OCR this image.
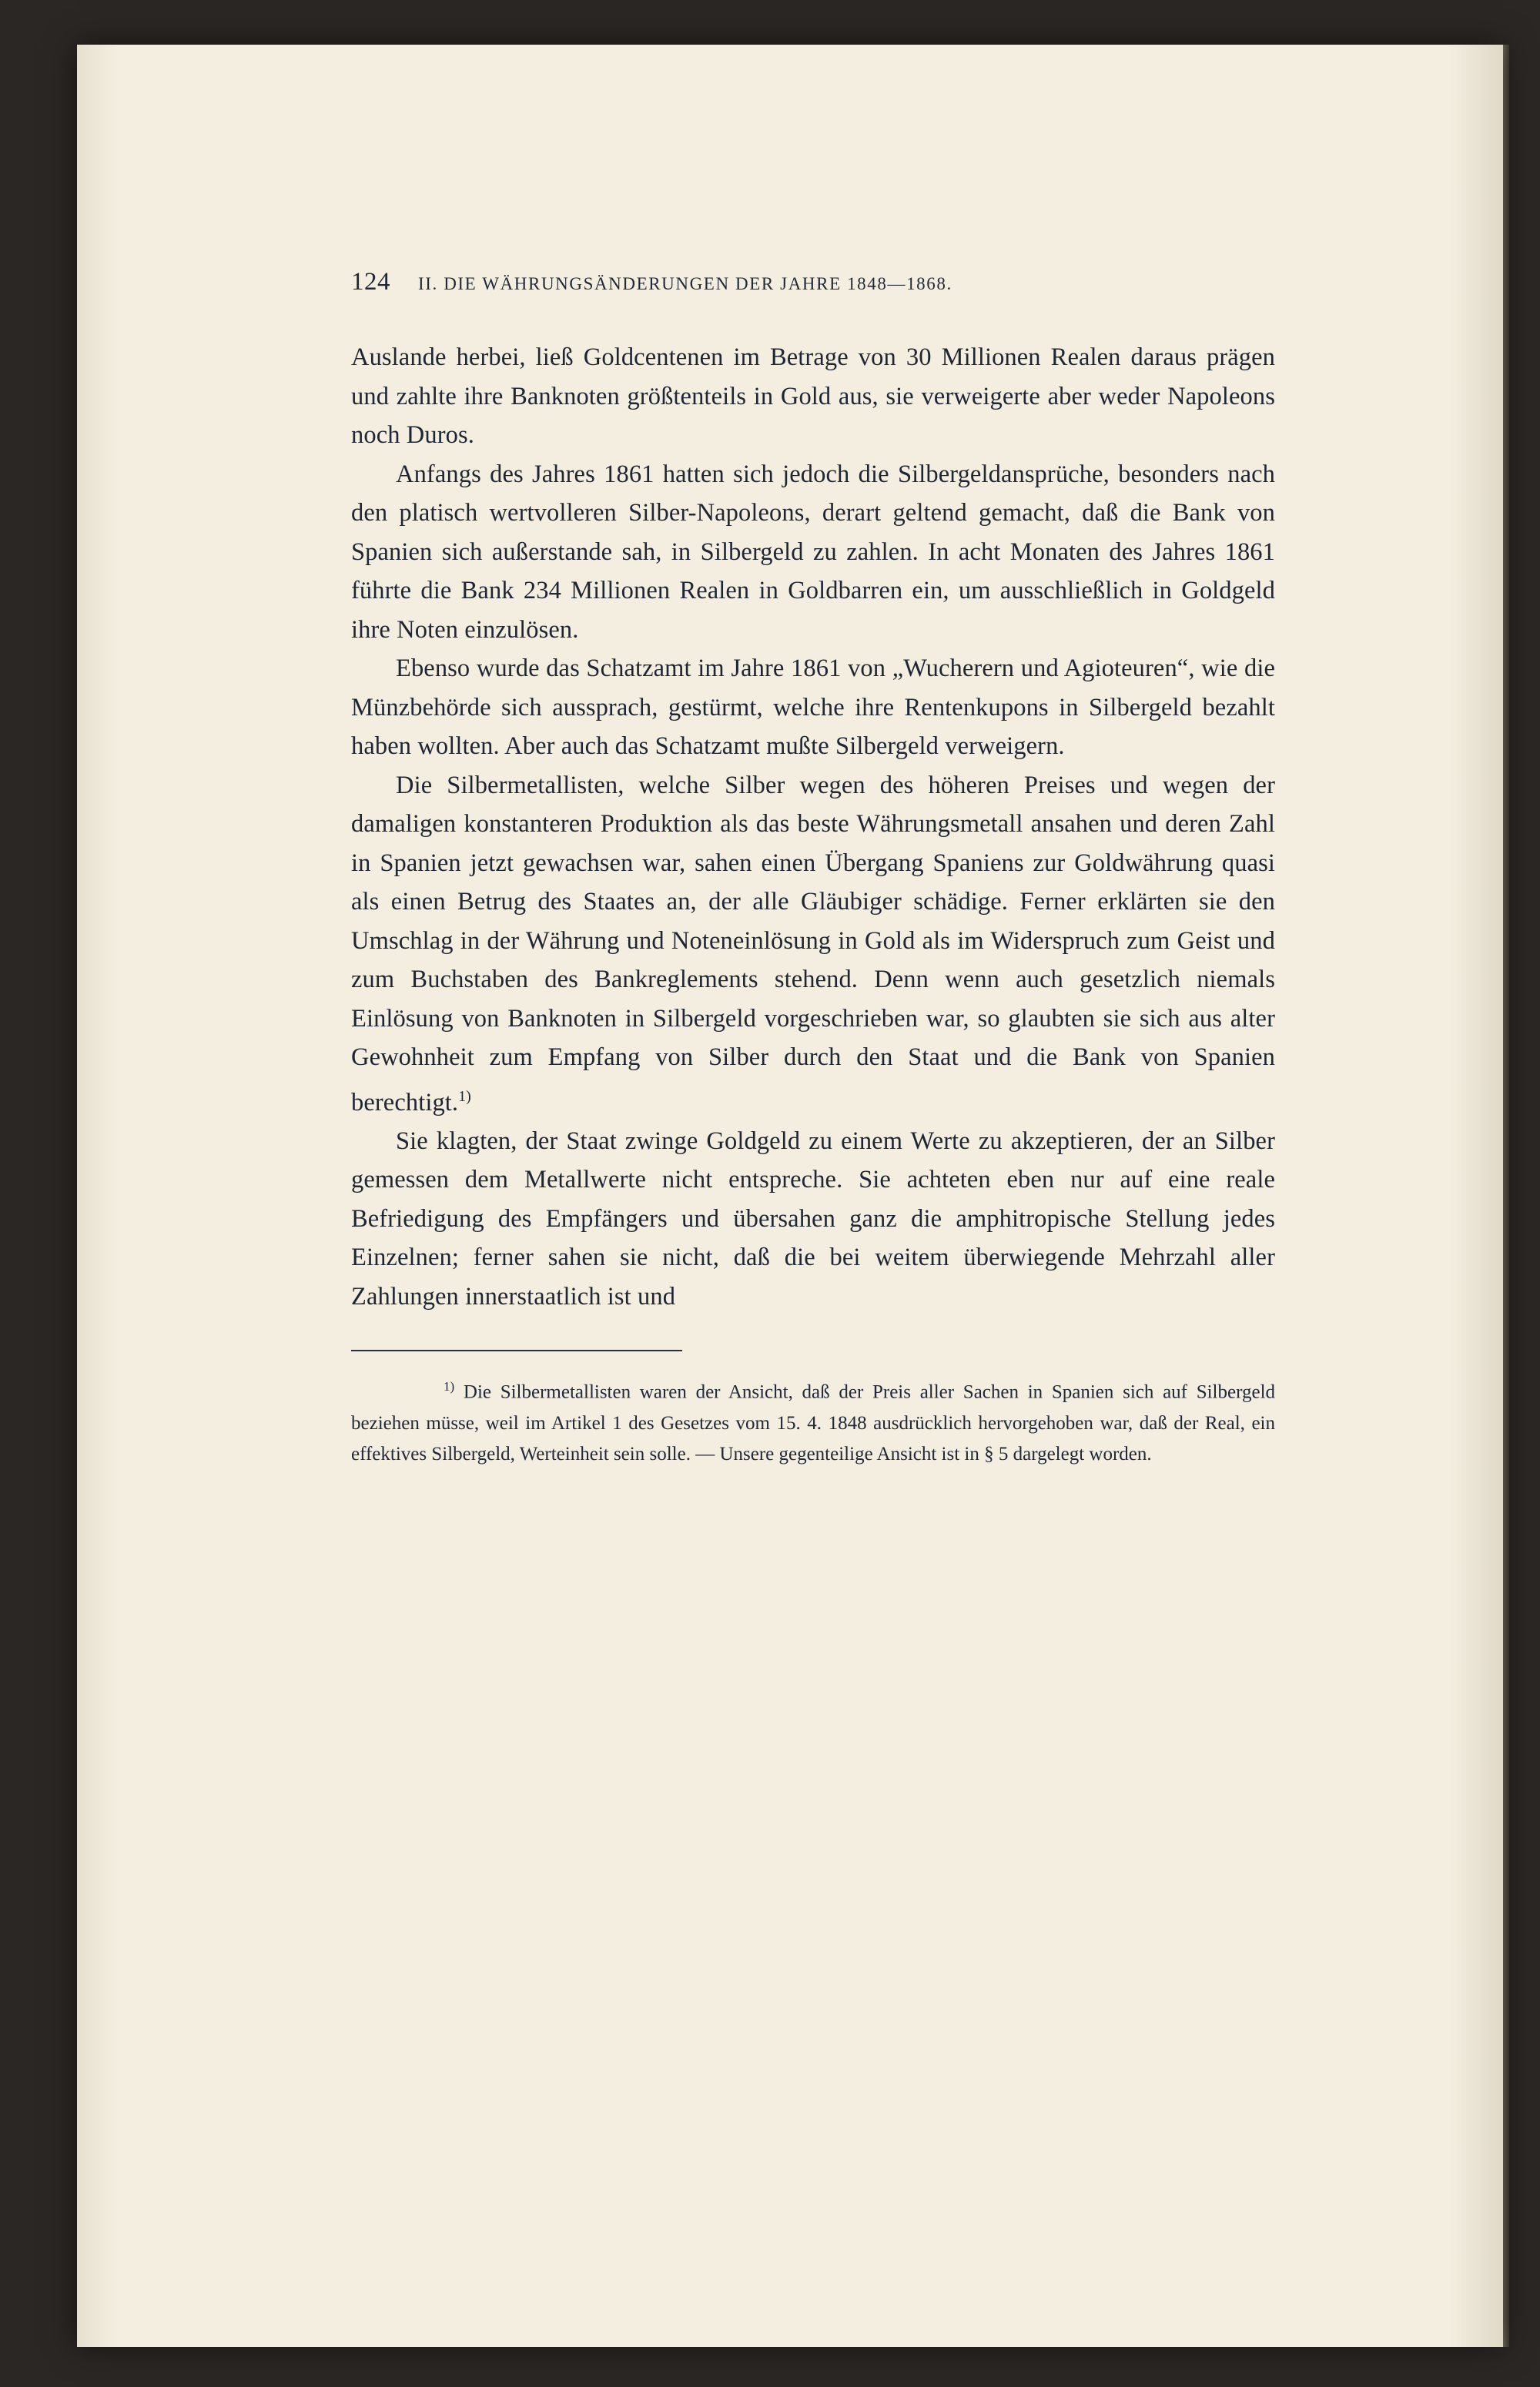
124 II. DIE WÄHRUNGSÄNDERUNGEN DER JAHRE 1848—1868.

Auslande herbei, ließ Goldcentenen im Betrage von 30 Millionen Realen daraus prägen und zahlte ihre Banknoten größtenteils in Gold aus, sie verweigerte aber weder Napoleons noch Duros.

Anfangs des Jahres 1861 hatten sich jedoch die Silbergeldansprüche, besonders nach den platisch wertvolleren Silber-Napoleons, derart geltend gemacht, daß die Bank von Spanien sich außerstande sah, in Silbergeld zu zahlen. In acht Monaten des Jahres 1861 führte die Bank 234 Millionen Realen in Goldbarren ein, um ausschließlich in Goldgeld ihre Noten einzulösen.

Ebenso wurde das Schatzamt im Jahre 1861 von „Wucherern und Agioteuren“, wie die Münzbehörde sich aussprach, gestürmt, welche ihre Rentenkupons in Silbergeld bezahlt haben wollten. Aber auch das Schatzamt mußte Silbergeld verweigern.

Die Silbermetallisten, welche Silber wegen des höheren Preises und wegen der damaligen konstanteren Produktion als das beste Währungsmetall ansahen und deren Zahl in Spanien jetzt gewachsen war, sahen einen Übergang Spaniens zur Goldwährung quasi als einen Betrug des Staates an, der alle Gläubiger schädige. Ferner erklärten sie den Umschlag in der Währung und Noteneinlösung in Gold als im Widerspruch zum Geist und zum Buchstaben des Bankreglements stehend. Denn wenn auch gesetzlich niemals Einlösung von Banknoten in Silbergeld vorgeschrieben war, so glaubten sie sich aus alter Gewohnheit zum Empfang von Silber durch den Staat und die Bank von Spanien berechtigt.$^{1)}$

Sie klagten, der Staat zwinge Goldgeld zu einem Werte zu akzeptieren, der an Silber gemessen dem Metallwerte nicht entspreche. Sie achteten eben nur auf eine reale Befriedigung des Empfängers und übersahen ganz die amphitropische Stellung jedes Einzelnen; ferner sahen sie nicht, daß die bei weitem überwiegende Mehrzahl aller Zahlungen innerstaatlich ist und

$^{1)}$ Die Silbermetallisten waren der Ansicht, daß der Preis aller Sachen in Spanien sich auf Silbergeld beziehen müsse, weil im Artikel 1 des Gesetzes vom 15. 4. 1848 ausdrücklich hervorgehoben war, daß der Real, ein effektives Silbergeld, Werteinheit sein solle. — Unsere gegenteilige Ansicht ist in § 5 dargelegt worden.
